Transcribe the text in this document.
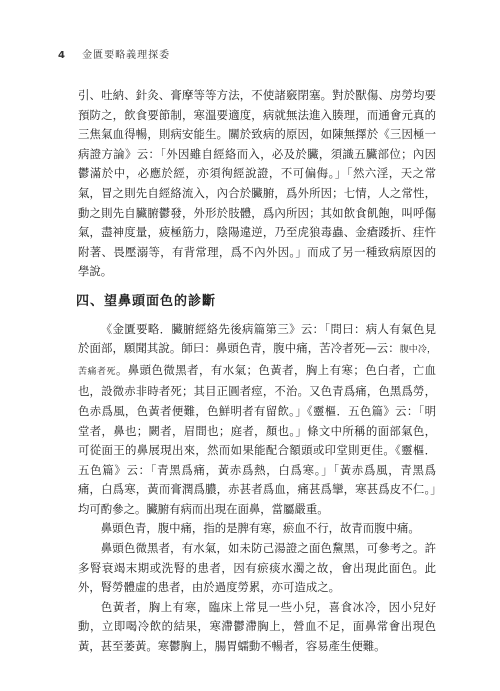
4 金匱要略義理探委

引、吐納、針灸、膏摩等等方法，不使諸竅閉塞。對於獸傷、房勞均要預防之，飲食要節制，寒溫要適度，病就無法進入腠理，而通會元真的三焦氣血得暢，則病安能生。關於致病的原因，如陳無擇於《三因極一病證方論》云：「外因雖自經絡而入，必及於臟，須識五臟部位；內因鬱滿於中，必應於經，亦須徇經說證，不可偏侮。」「然六淫，天之常氣，冒之則先自經絡流入，內合於臟腑，爲外所因；七情，人之常性，動之則先自臟腑鬱發，外形於肢體，爲內所因；其如飲食飢飽，叫呼傷氣，盡神度量，疲極筋力，陰陽違逆，乃至虎狼毒蟲、金瘡踒折、疰忤附著、畏壓溺等，有背常理，爲不內外因。」而成了另一種致病原因的學說。

四、望鼻頭面色的診斷

《金匱要略．臟腑經絡先後病篇第三》云：「問曰：病人有氣色見於面部，願聞其說。師曰：鼻頭色青，腹中痛，苦冷者死—云：腹中冷，苦痛者死。鼻頭色微黑者，有水氣；色黃者，胸上有寒；色白者，亡血也，設微赤非時者死；其目正圓者痙，不治。又色青爲痛，色黑爲勞，色赤爲風，色黃者便難，色鮮明者有留飲。」《靈樞．五色篇》云：「明堂者，鼻也；闕者，眉間也；庭者，顏也。」條文中所稱的面部氣色，可從面王的鼻展現出來，然而如果能配合額頭或印堂則更佳。《靈樞．五色篇》云：「青黑爲痛，黃赤爲熱，白爲寒。」「黃赤爲風，青黑爲痛，白爲寒，黃而膏潤爲膿，赤甚者爲血，痛甚爲攣，寒甚爲皮不仁。」均可酌參之。臟腑有病而出現在面鼻，當屬嚴重。

鼻頭色青，腹中痛，指的是脾有寒，瘀血不行，故青而腹中痛。

鼻頭色微黑者，有水氣，如未防己湯證之面色黧黑，可參考之。許多腎衰竭末期或洗腎的患者，因有瘀痰水濁之故，會出現此面色。此外，腎勞體虛的患者，由於過度勞累，亦可造成之。

色黃者，胸上有寒，臨床上常見一些小兒，喜食冰冷，因小兒好動，立即喝冷飲的結果，寒滯鬱滯胸上，營血不足，面鼻常會出現色黃，甚至萎黃。寒鬱胸上，腸胃蠕動不暢者，容易產生便難。
